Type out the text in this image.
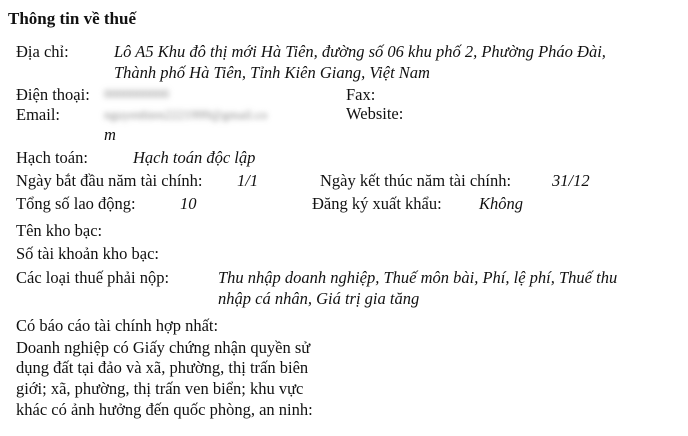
Thông tin về thuế
Địa chỉ:	Lô A5 Khu đô thị mới Hà Tiên, đường số 06 khu phố 2, Phường Pháo Đài,
Thành phố Hà Tiên, Tỉnh Kiên Giang, Việt Nam
Điện thoại: 0000000000	Fax:
Email:	nguyenhien2221999@gmail.co
m
Website:
Hạch toán:	Hạch toán độc lập
Ngày bắt đầu năm tài chính: 1/1	Ngày kết thúc năm tài chính: 31/12
Tổng số lao động:	10	Đăng ký xuất khẩu: Không
Tên kho bạc:
Số tài khoản kho bạc:
Các loại thuế phải nộp:	Thu nhập doanh nghiệp, Thuế môn bài, Phí, lệ phí, Thuế thu
nhập cá nhân, Giá trị gia tăng
Có báo cáo tài chính hợp nhất:
Doanh nghiệp có Giấy chứng nhận quyền sử
dụng đất tại đảo và xã, phường, thị trấn biên
giới; xã, phường, thị trấn ven biển; khu vực
khác có ảnh hưởng đến quốc phòng, an ninh:
